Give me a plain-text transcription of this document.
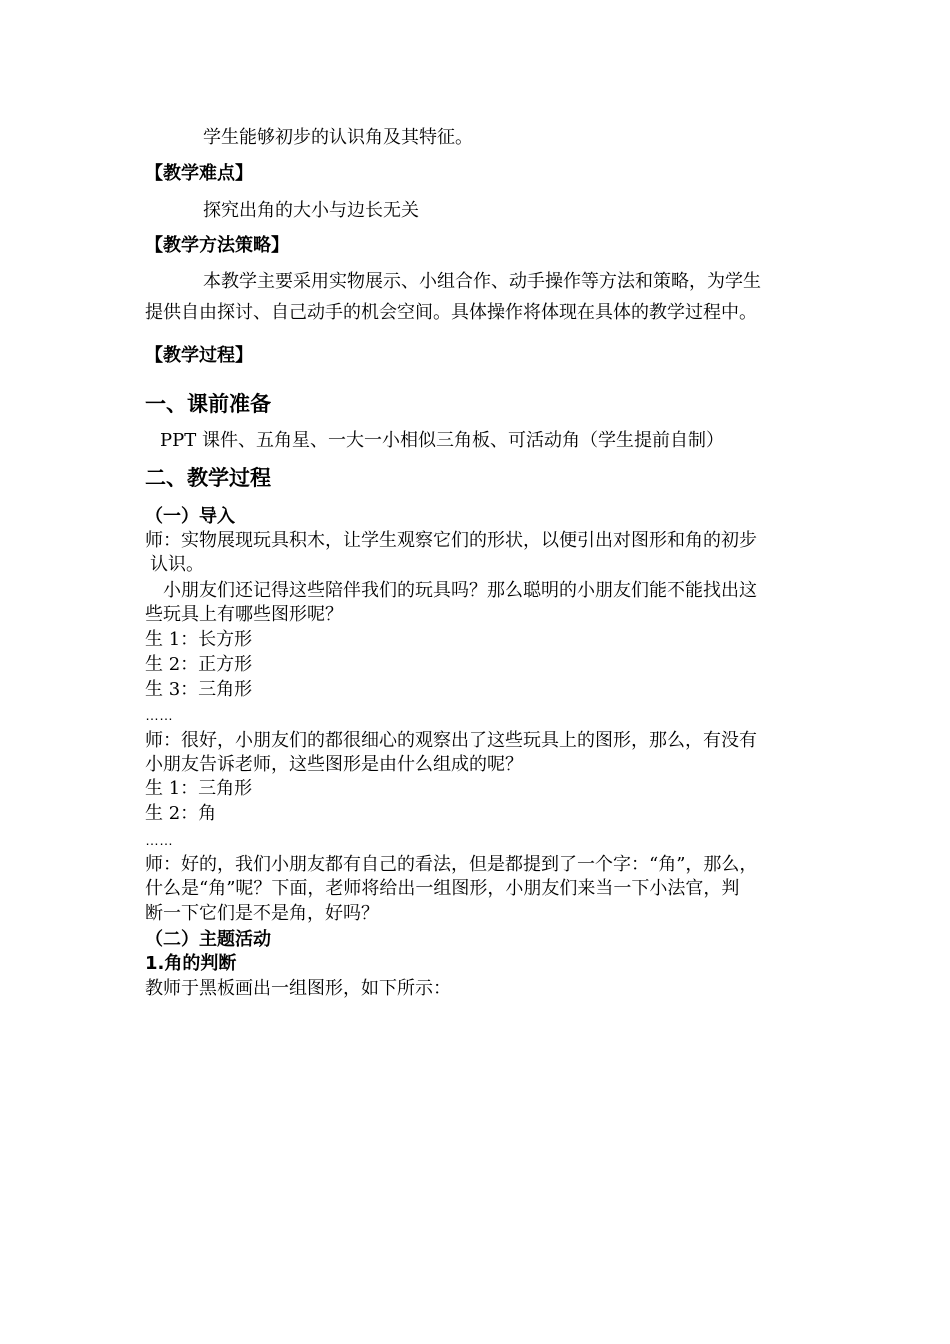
学生能够初步的认识角及其特征。
【教学难点】
探究出角的大小与边长无关
【教学方法策略】
本教学主要采用实物展示、小组合作、动手操作等方法和策略，为学生
提供自由探讨、自己动手的机会空间。具体操作将体现在具体的教学过程中。
【教学过程】
一、课前准备
PPT 课件、五角星、一大一小相似三角板、可活动角（学生提前自制）
二、教学过程
（一）导入
师：实物展现玩具积木，让学生观察它们的形状，以便引出对图形和角的初步
认识。
小朋友们还记得这些陪伴我们的玩具吗？那么聪明的小朋友们能不能找出这
些玩具上有哪些图形呢？
生 1：长方形
生 2：正方形
生 3：三角形
……
师：很好，小朋友们的都很细心的观察出了这些玩具上的图形，那么，有没有
小朋友告诉老师，这些图形是由什么组成的呢？
生 1：三角形
生 2：角
……
师：好的，我们小朋友都有自己的看法，但是都提到了一个字：“角”，那么，
什么是“角”呢？下面，老师将给出一组图形，小朋友们来当一下小法官，判
断一下它们是不是角，好吗？
（二）主题活动
1.角的判断
教师于黑板画出一组图形，如下所示：
